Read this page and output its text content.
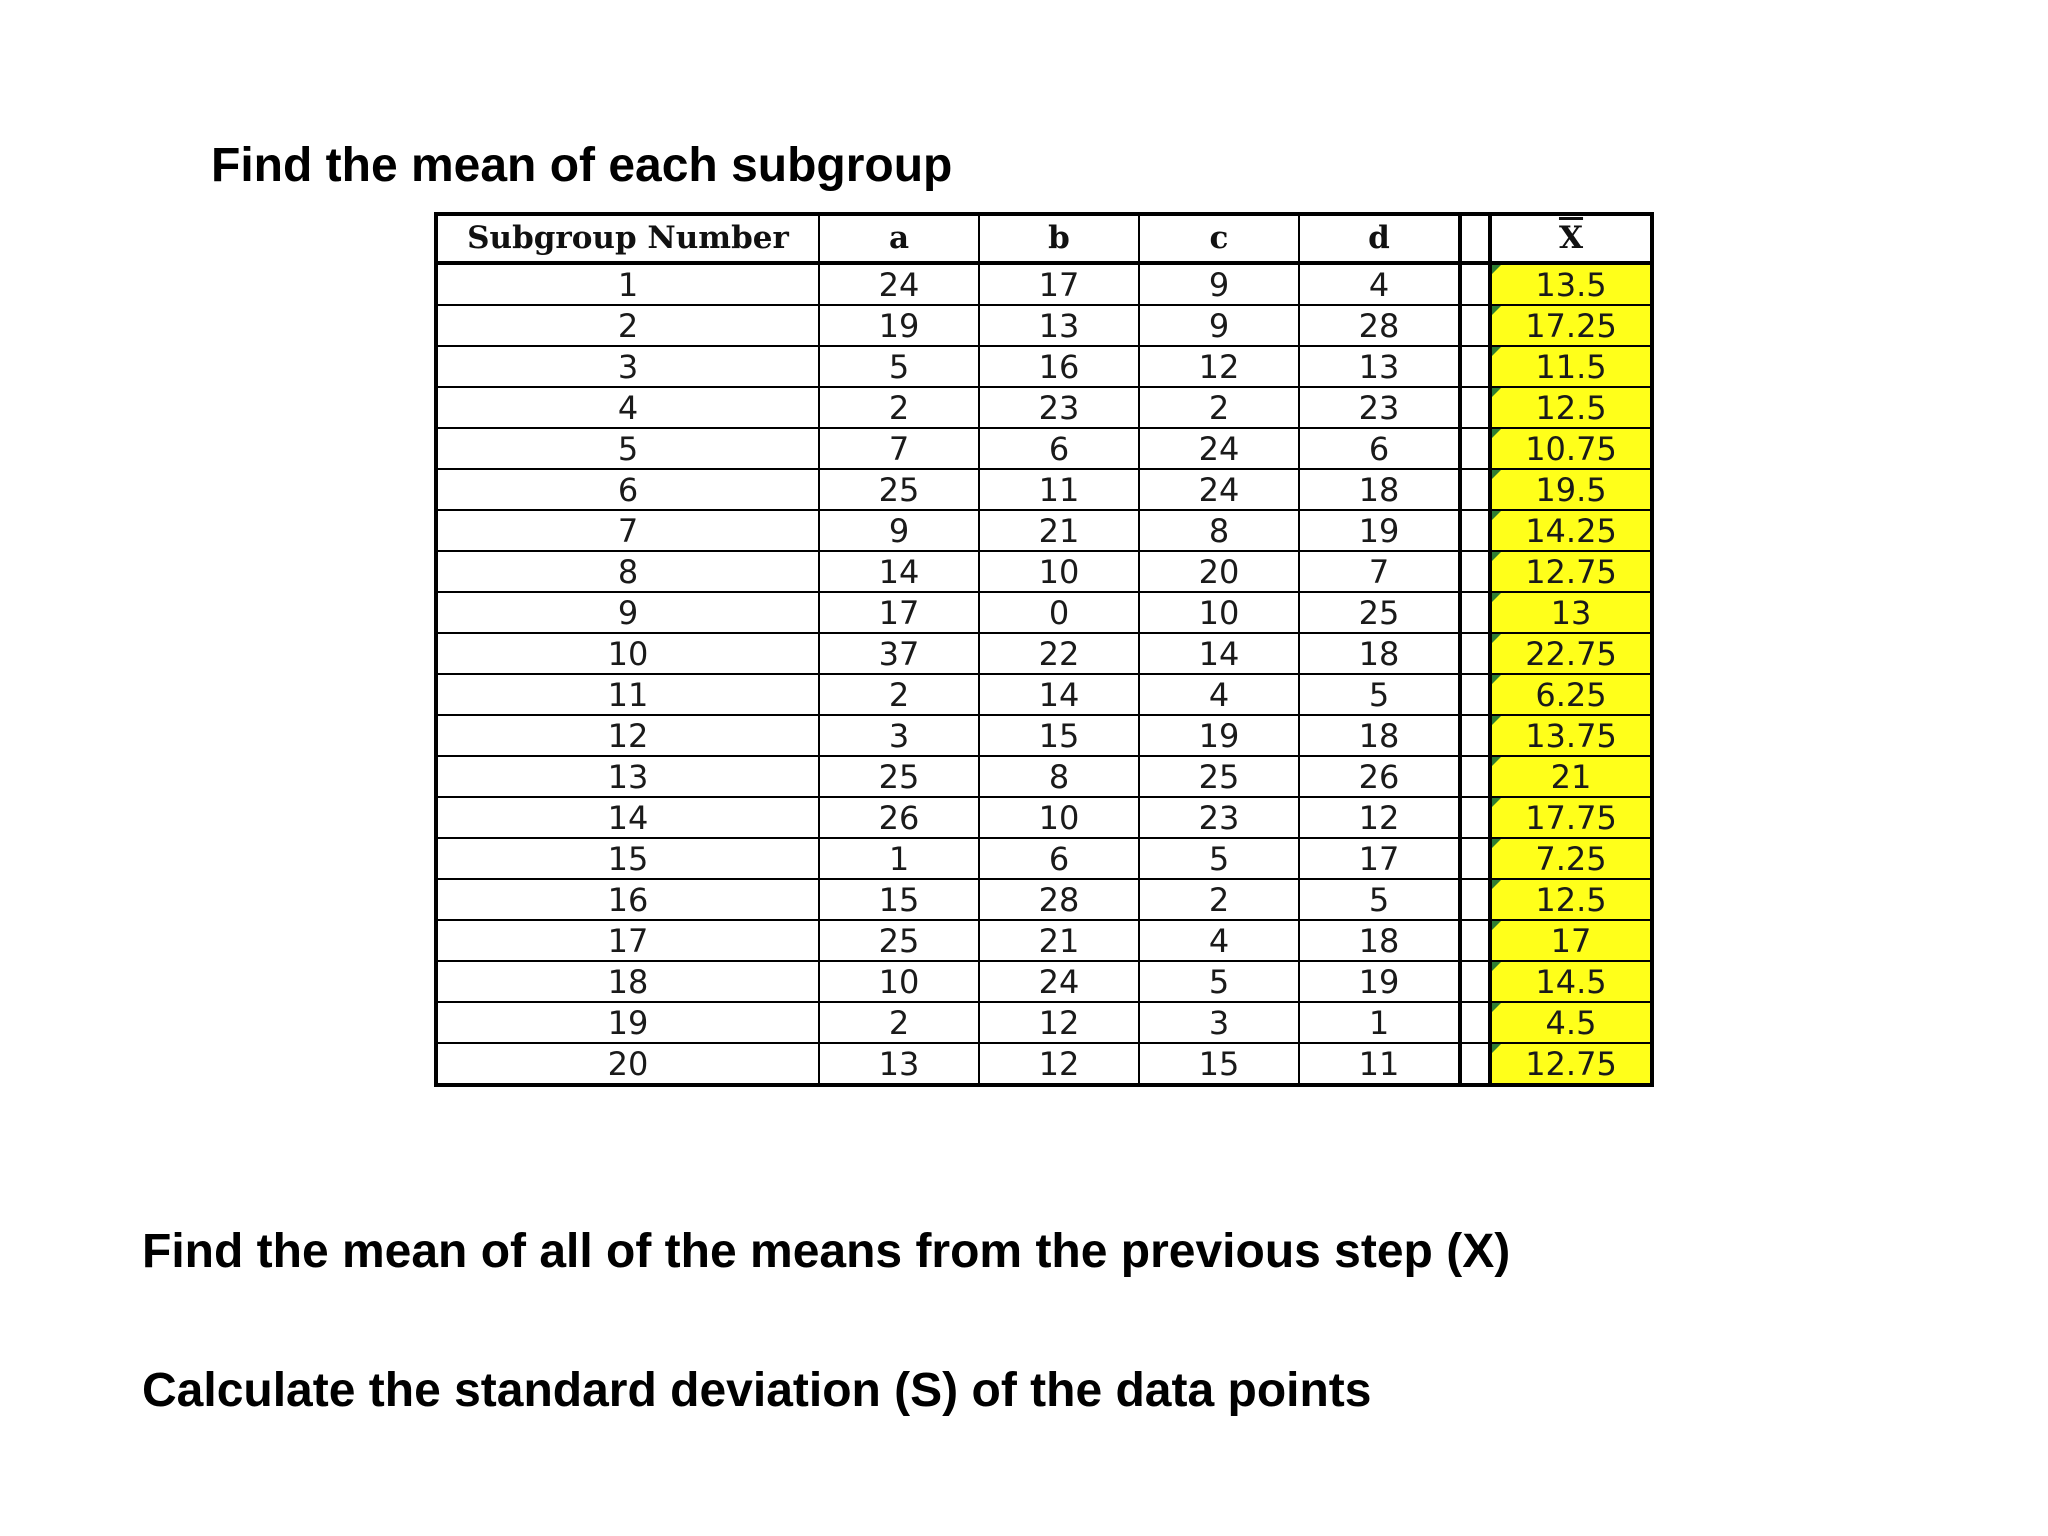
Find the mean of each subgroup
Subgroup Number	a	b	c	d		$\overline{X}$
1	24	17	9	4		13.5
2	19	13	9	28		17.25
3	5	16	12	13		11.5
4	2	23	2	23		12.5
5	7	6	24	6		10.75
6	25	11	24	18		19.5
7	9	21	8	19		14.25
8	14	10	20	7		12.75
9	17	0	10	25		13
10	37	22	14	18		22.75
11	2	14	4	5		6.25
12	3	15	19	18		13.75
13	25	8	25	26		21
14	26	10	23	12		17.75
15	1	6	5	17		7.25
16	15	28	2	5		12.5
17	25	21	4	18		17
18	10	24	5	19		14.5
19	2	12	3	1		4.5
20	13	12	15	11		12.75
Find the mean of all of the means from the previous step (X)
Calculate the standard deviation (S) of the data points
